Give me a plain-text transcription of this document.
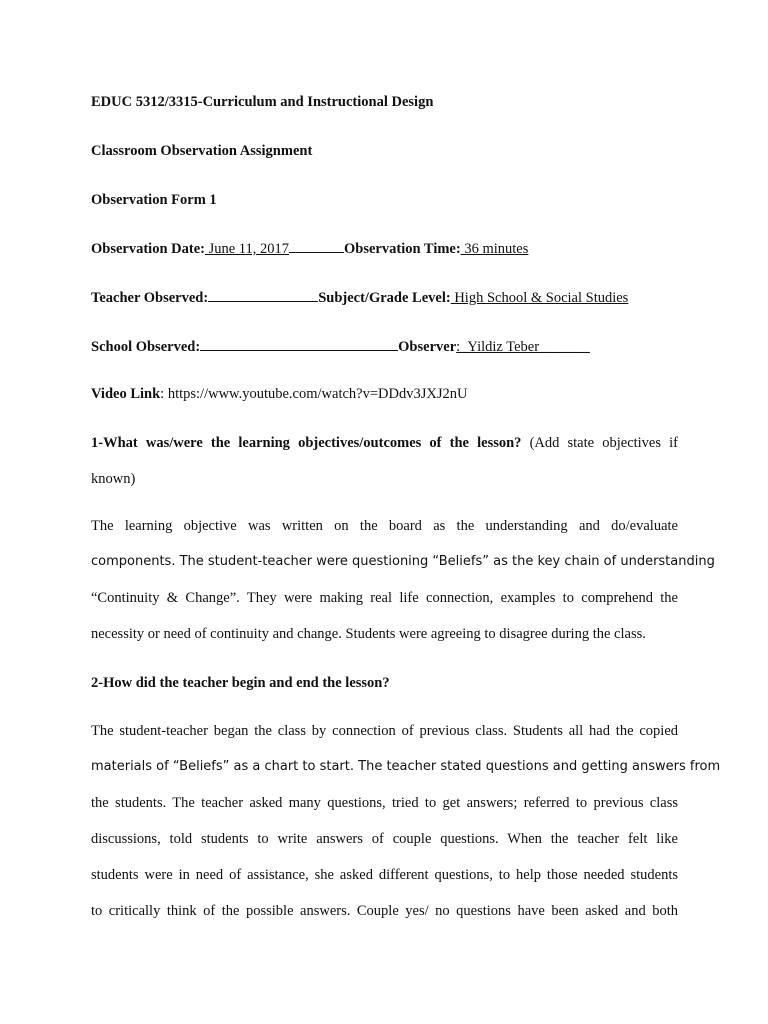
EDUC 5312/3315-Curriculum and Instructional Design
Classroom Observation Assignment
Observation Form 1
Observation Date: June 11, 2017	Observation Time: 36 minutes
Teacher Observed:	Subject/Grade Level: High School & Social Studies
School Observed:	Observer:_Yildiz Teber_______
Video Link: https://www.youtube.com/watch?v=DDdv3JXJ2nU
1-What was/were the learning objectives/outcomes of the lesson? (Add state objectives if
known)
The learning objective was written on the board as the understanding and do/evaluate
components. The student-teacher were questioning “Beliefs” as the key chain of understanding
“Continuity & Change”. They were making real life connection, examples to comprehend the
necessity or need of continuity and change. Students were agreeing to disagree during the class.
2-How did the teacher begin and end the lesson?
The student-teacher began the class by connection of previous class. Students all had the copied
materials of “Beliefs” as a chart to start. The teacher stated questions and getting answers from
the students. The teacher asked many questions, tried to get answers; referred to previous class
discussions, told students to write answers of couple questions. When the teacher felt like
students were in need of assistance, she asked different questions, to help those needed students
to critically think of the possible answers. Couple yes/ no questions have been asked and both
